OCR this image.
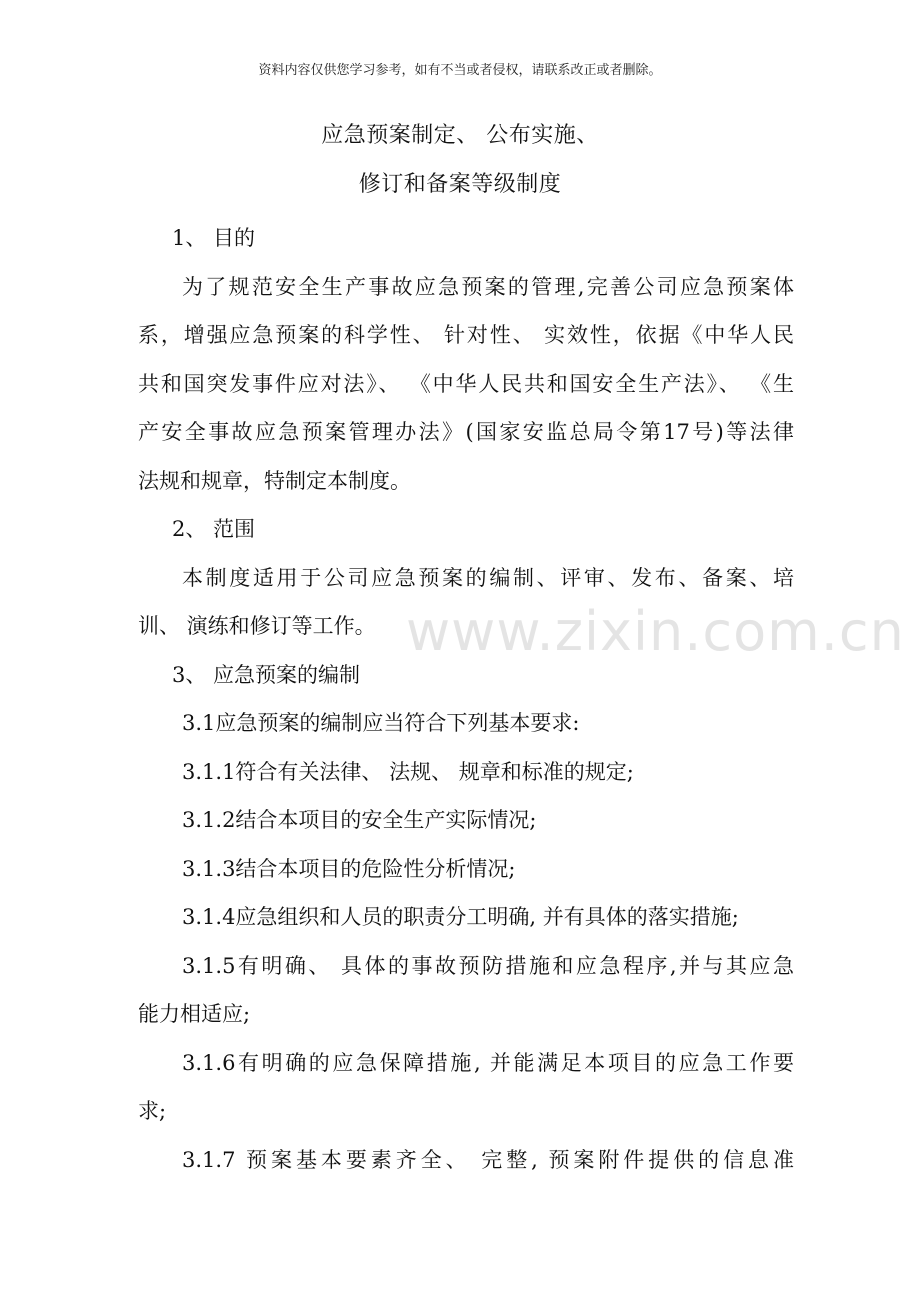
资料内容仅供您学习参考，如有不当或者侵权，请联系改正或者删除。
应急预案制定、 公布实施、
修订和备案等级制度
1、 目的
为了规范安全生产事故应急预案的管理,完善公司应急预案体
系，增强应急预案的科学性、 针对性、 实效性，依据《中华人民
共和国突发事件应对法》、 《中华人民共和国安全生产法》、 《生
产安全事故应急预案管理办法》(国家安监总局令第17号)等法律
法规和规章，特制定本制度。
2、 范围
本制度适用于公司应急预案的编制、评审、发布、备案、培
训、 演练和修订等工作。
3、 应急预案的编制
3.1应急预案的编制应当符合下列基本要求:
3.1.1符合有关法律、 法规、 规章和标准的规定;
3.1.2结合本项目的安全生产实际情况;
3.1.3结合本项目的危险性分析情况;
3.1.4应急组织和人员的职责分工明确, 并有具体的落实措施;
3.1.5有明确、 具体的事故预防措施和应急程序,并与其应急
能力相适应;
3.1.6有明确的应急保障措施, 并能满足本项目的应急工作要
求;
3.1.7 预案基本要素齐全、 完整, 预案附件提供的信息准
www.zixin.com.cn
